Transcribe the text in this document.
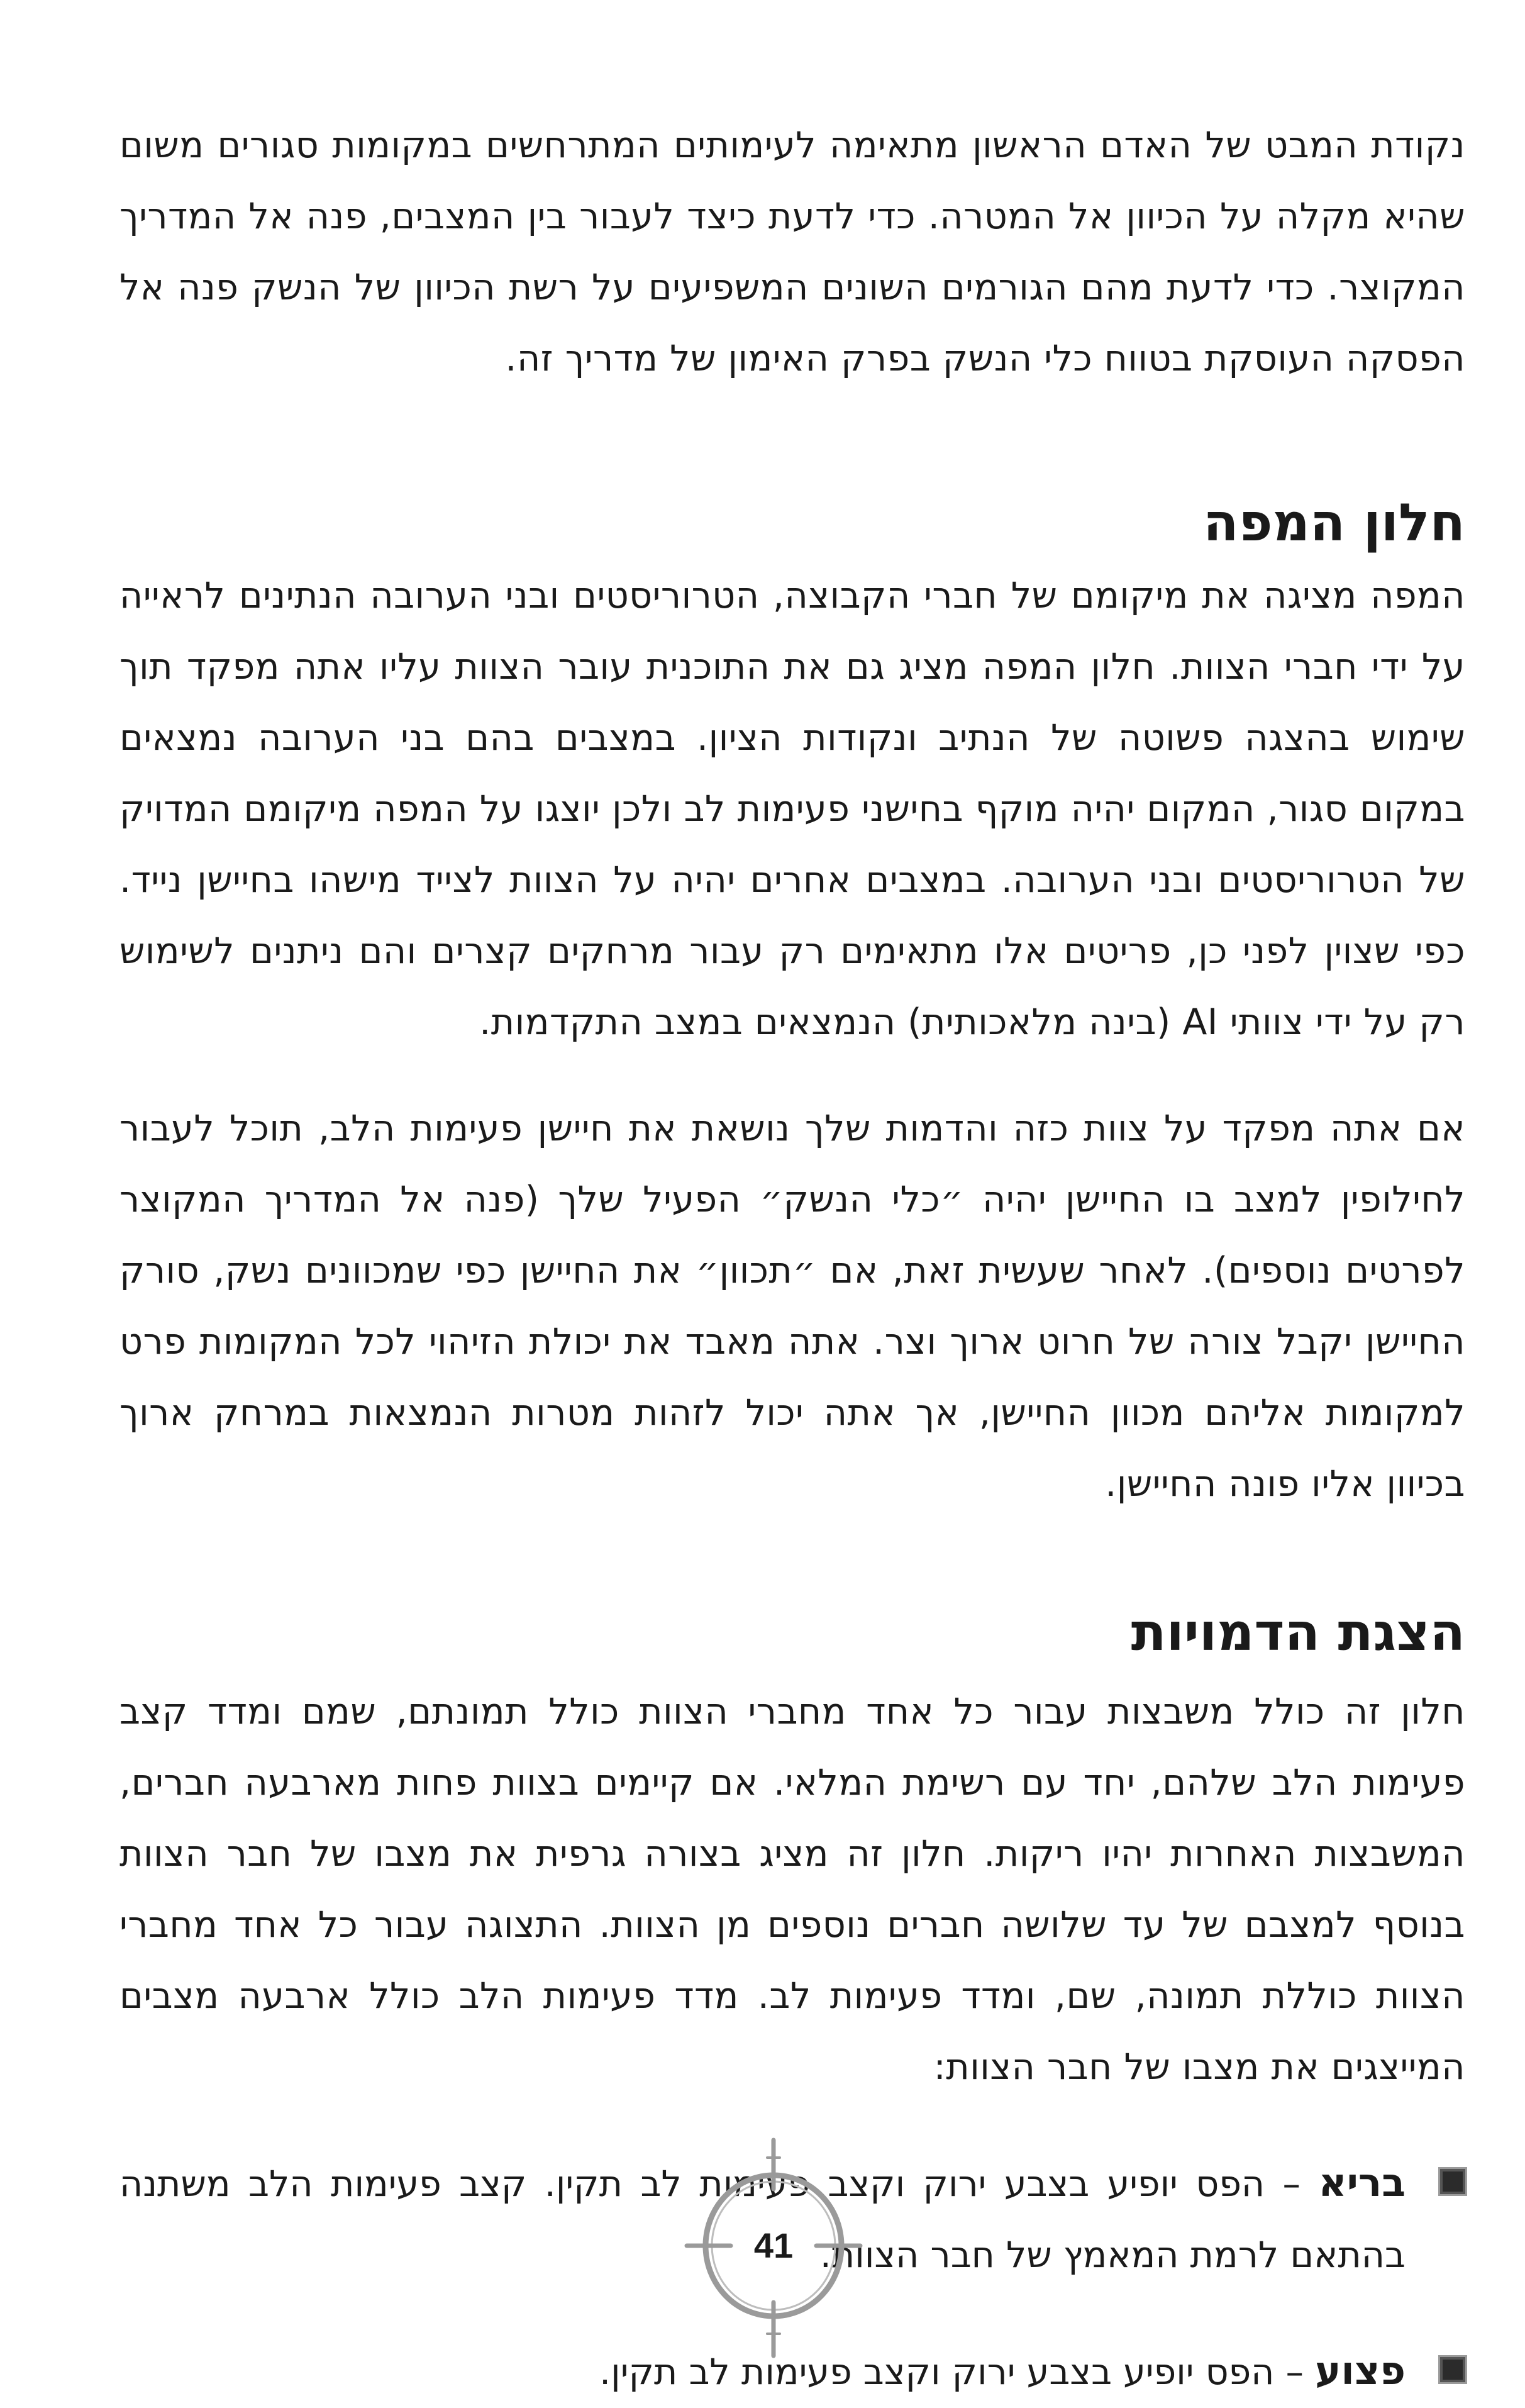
נקודת המבט של האדם הראשון מתאימה לעימותים המתרחשים במקומות סגורים משום שהיא מקלה על הכיוון אל המטרה. כדי לדעת כיצד לעבור בין המצבים, פנה אל המדריך המקוצר. כדי לדעת מהם הגורמים השונים המשפיעים על רשת הכיוון של הנשק פנה אל הפסקה העוסקת בטווח כלי הנשק בפרק האימון של מדריך זה.

חלון המפה

המפה מציגה את מיקומם של חברי הקבוצה, הטרוריסטים ובני הערובה הנתינים לראייה על ידי חברי הצוות. חלון המפה מציג גם את התוכנית עובר הצוות עליו אתה מפקד תוך שימוש בהצגה פשוטה של הנתיב ונקודות הציון. במצבים בהם בני הערובה נמצאים במקום סגור, המקום יהיה מוקף בחישני פעימות לב ולכן יוצגו על המפה מיקומם המדויק של הטרוריסטים ובני הערובה. במצבים אחרים יהיה על הצוות לצייד מישהו בחיישן נייד. כפי שצוין לפני כן, פריטים אלו מתאימים רק עבור מרחקים קצרים והם ניתנים לשימוש רק על ידי צוותי AI (בינה מלאכותית) הנמצאים במצב התקדמות.

אם אתה מפקד על צוות כזה והדמות שלך נושאת את חיישן פעימות הלב, תוכל לעבור לחילופין למצב בו החיישן יהיה ״כלי הנשק״ הפעיל שלך (פנה אל המדריך המקוצר לפרטים נוספים). לאחר שעשית זאת, אם ״תכוון״ את החיישן כפי שמכוונים נשק, סורק החיישן יקבל צורה של חרוט ארוך וצר. אתה מאבד את יכולת הזיהוי לכל המקומות פרט למקומות אליהם מכוון החיישן, אך אתה יכול לזהות מטרות הנמצאות במרחק ארוך בכיוון אליו פונה החיישן.

הצגת הדמויות

חלון זה כולל משבצות עבור כל אחד מחברי הצוות כולל תמונתם, שמם ומדד קצב פעימות הלב שלהם, יחד עם רשימת המלאי. אם קיימים בצוות פחות מארבעה חברים, המשבצות האחרות יהיו ריקות. חלון זה מציג בצורה גרפית את מצבו של חבר הצוות בנוסף למצבם של עד שלושה חברים נוספים מן הצוות. התצוגה עבור כל אחד מחברי הצוות כוללת תמונה, שם, ומדד פעימות לב. מדד פעימות הלב כולל ארבעה מצבים המייצגים את מצבו של חבר הצוות:

בריא – הפס יופיע בצבע ירוק וקצב פעימות לב תקין. קצב פעימות הלב משתנה בהתאם לרמת המאמץ של חבר הצוות.

פצוע – הפס יופיע בצבע ירוק וקצב פעימות לב תקין.

41
